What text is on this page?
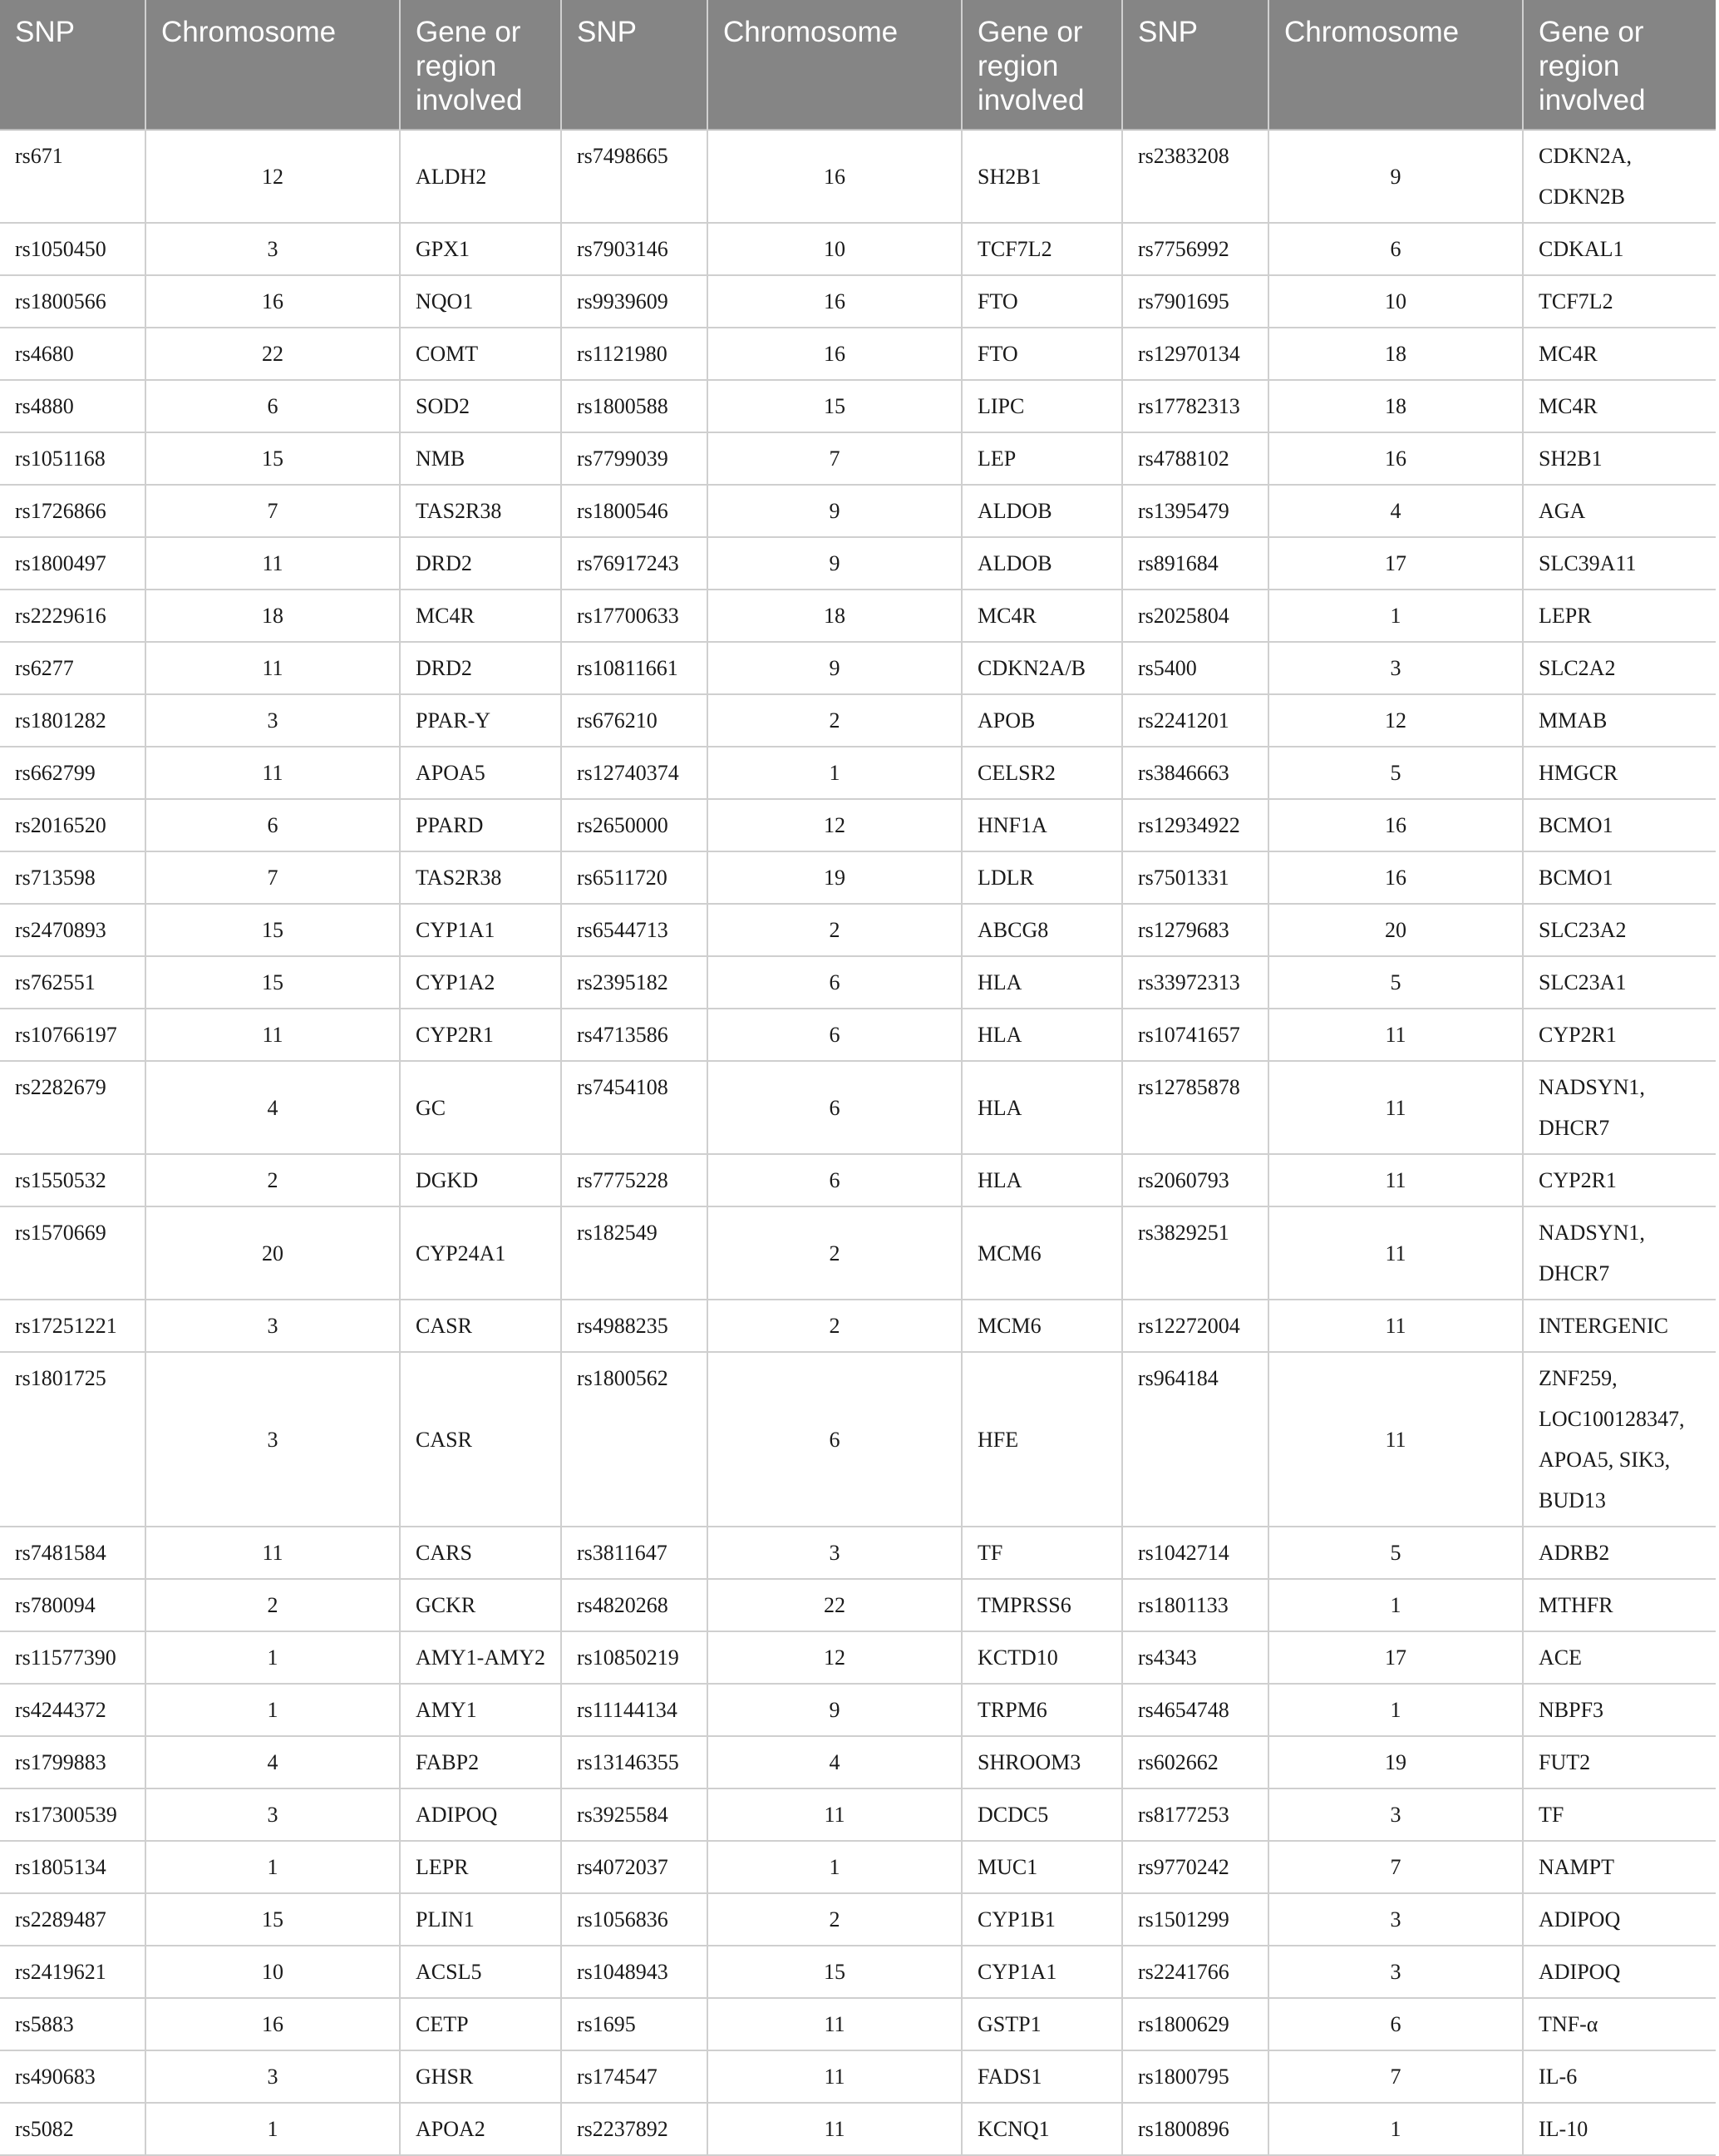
SNP	Chromosome	Gene or region involved	SNP	Chromosome	Gene or region involved	SNP	Chromosome	Gene or region involved
rs671	12	ALDH2	rs7498665	16	SH2B1	rs2383208	9	CDKN2A, CDKN2B
rs1050450	3	GPX1	rs7903146	10	TCF7L2	rs7756992	6	CDKAL1
rs1800566	16	NQO1	rs9939609	16	FTO	rs7901695	10	TCF7L2
rs4680	22	COMT	rs1121980	16	FTO	rs12970134	18	MC4R
rs4880	6	SOD2	rs1800588	15	LIPC	rs17782313	18	MC4R
rs1051168	15	NMB	rs7799039	7	LEP	rs4788102	16	SH2B1
rs1726866	7	TAS2R38	rs1800546	9	ALDOB	rs1395479	4	AGA
rs1800497	11	DRD2	rs76917243	9	ALDOB	rs891684	17	SLC39A11
rs2229616	18	MC4R	rs17700633	18	MC4R	rs2025804	1	LEPR
rs6277	11	DRD2	rs10811661	9	CDKN2A/B	rs5400	3	SLC2A2
rs1801282	3	PPAR-Y	rs676210	2	APOB	rs2241201	12	MMAB
rs662799	11	APOA5	rs12740374	1	CELSR2	rs3846663	5	HMGCR
rs2016520	6	PPARD	rs2650000	12	HNF1A	rs12934922	16	BCMO1
rs713598	7	TAS2R38	rs6511720	19	LDLR	rs7501331	16	BCMO1
rs2470893	15	CYP1A1	rs6544713	2	ABCG8	rs1279683	20	SLC23A2
rs762551	15	CYP1A2	rs2395182	6	HLA	rs33972313	5	SLC23A1
rs10766197	11	CYP2R1	rs4713586	6	HLA	rs10741657	11	CYP2R1
rs2282679	4	GC	rs7454108	6	HLA	rs12785878	11	NADSYN1, DHCR7
rs1550532	2	DGKD	rs7775228	6	HLA	rs2060793	11	CYP2R1
rs1570669	20	CYP24A1	rs182549	2	MCM6	rs3829251	11	NADSYN1, DHCR7
rs17251221	3	CASR	rs4988235	2	MCM6	rs12272004	11	INTERGENIC
rs1801725	3	CASR	rs1800562	6	HFE	rs964184	11	ZNF259, LOC100128347, APOA5, SIK3, BUD13
rs7481584	11	CARS	rs3811647	3	TF	rs1042714	5	ADRB2
rs780094	2	GCKR	rs4820268	22	TMPRSS6	rs1801133	1	MTHFR
rs11577390	1	AMY1-AMY2	rs10850219	12	KCTD10	rs4343	17	ACE
rs4244372	1	AMY1	rs11144134	9	TRPM6	rs4654748	1	NBPF3
rs1799883	4	FABP2	rs13146355	4	SHROOM3	rs602662	19	FUT2
rs17300539	3	ADIPOQ	rs3925584	11	DCDC5	rs8177253	3	TF
rs1805134	1	LEPR	rs4072037	1	MUC1	rs9770242	7	NAMPT
rs2289487	15	PLIN1	rs1056836	2	CYP1B1	rs1501299	3	ADIPOQ
rs2419621	10	ACSL5	rs1048943	15	CYP1A1	rs2241766	3	ADIPOQ
rs5883	16	CETP	rs1695	11	GSTP1	rs1800629	6	TNF-α
rs490683	3	GHSR	rs174547	11	FADS1	rs1800795	7	IL-6
rs5082	1	APOA2	rs2237892	11	KCNQ1	rs1800896	1	IL-10
